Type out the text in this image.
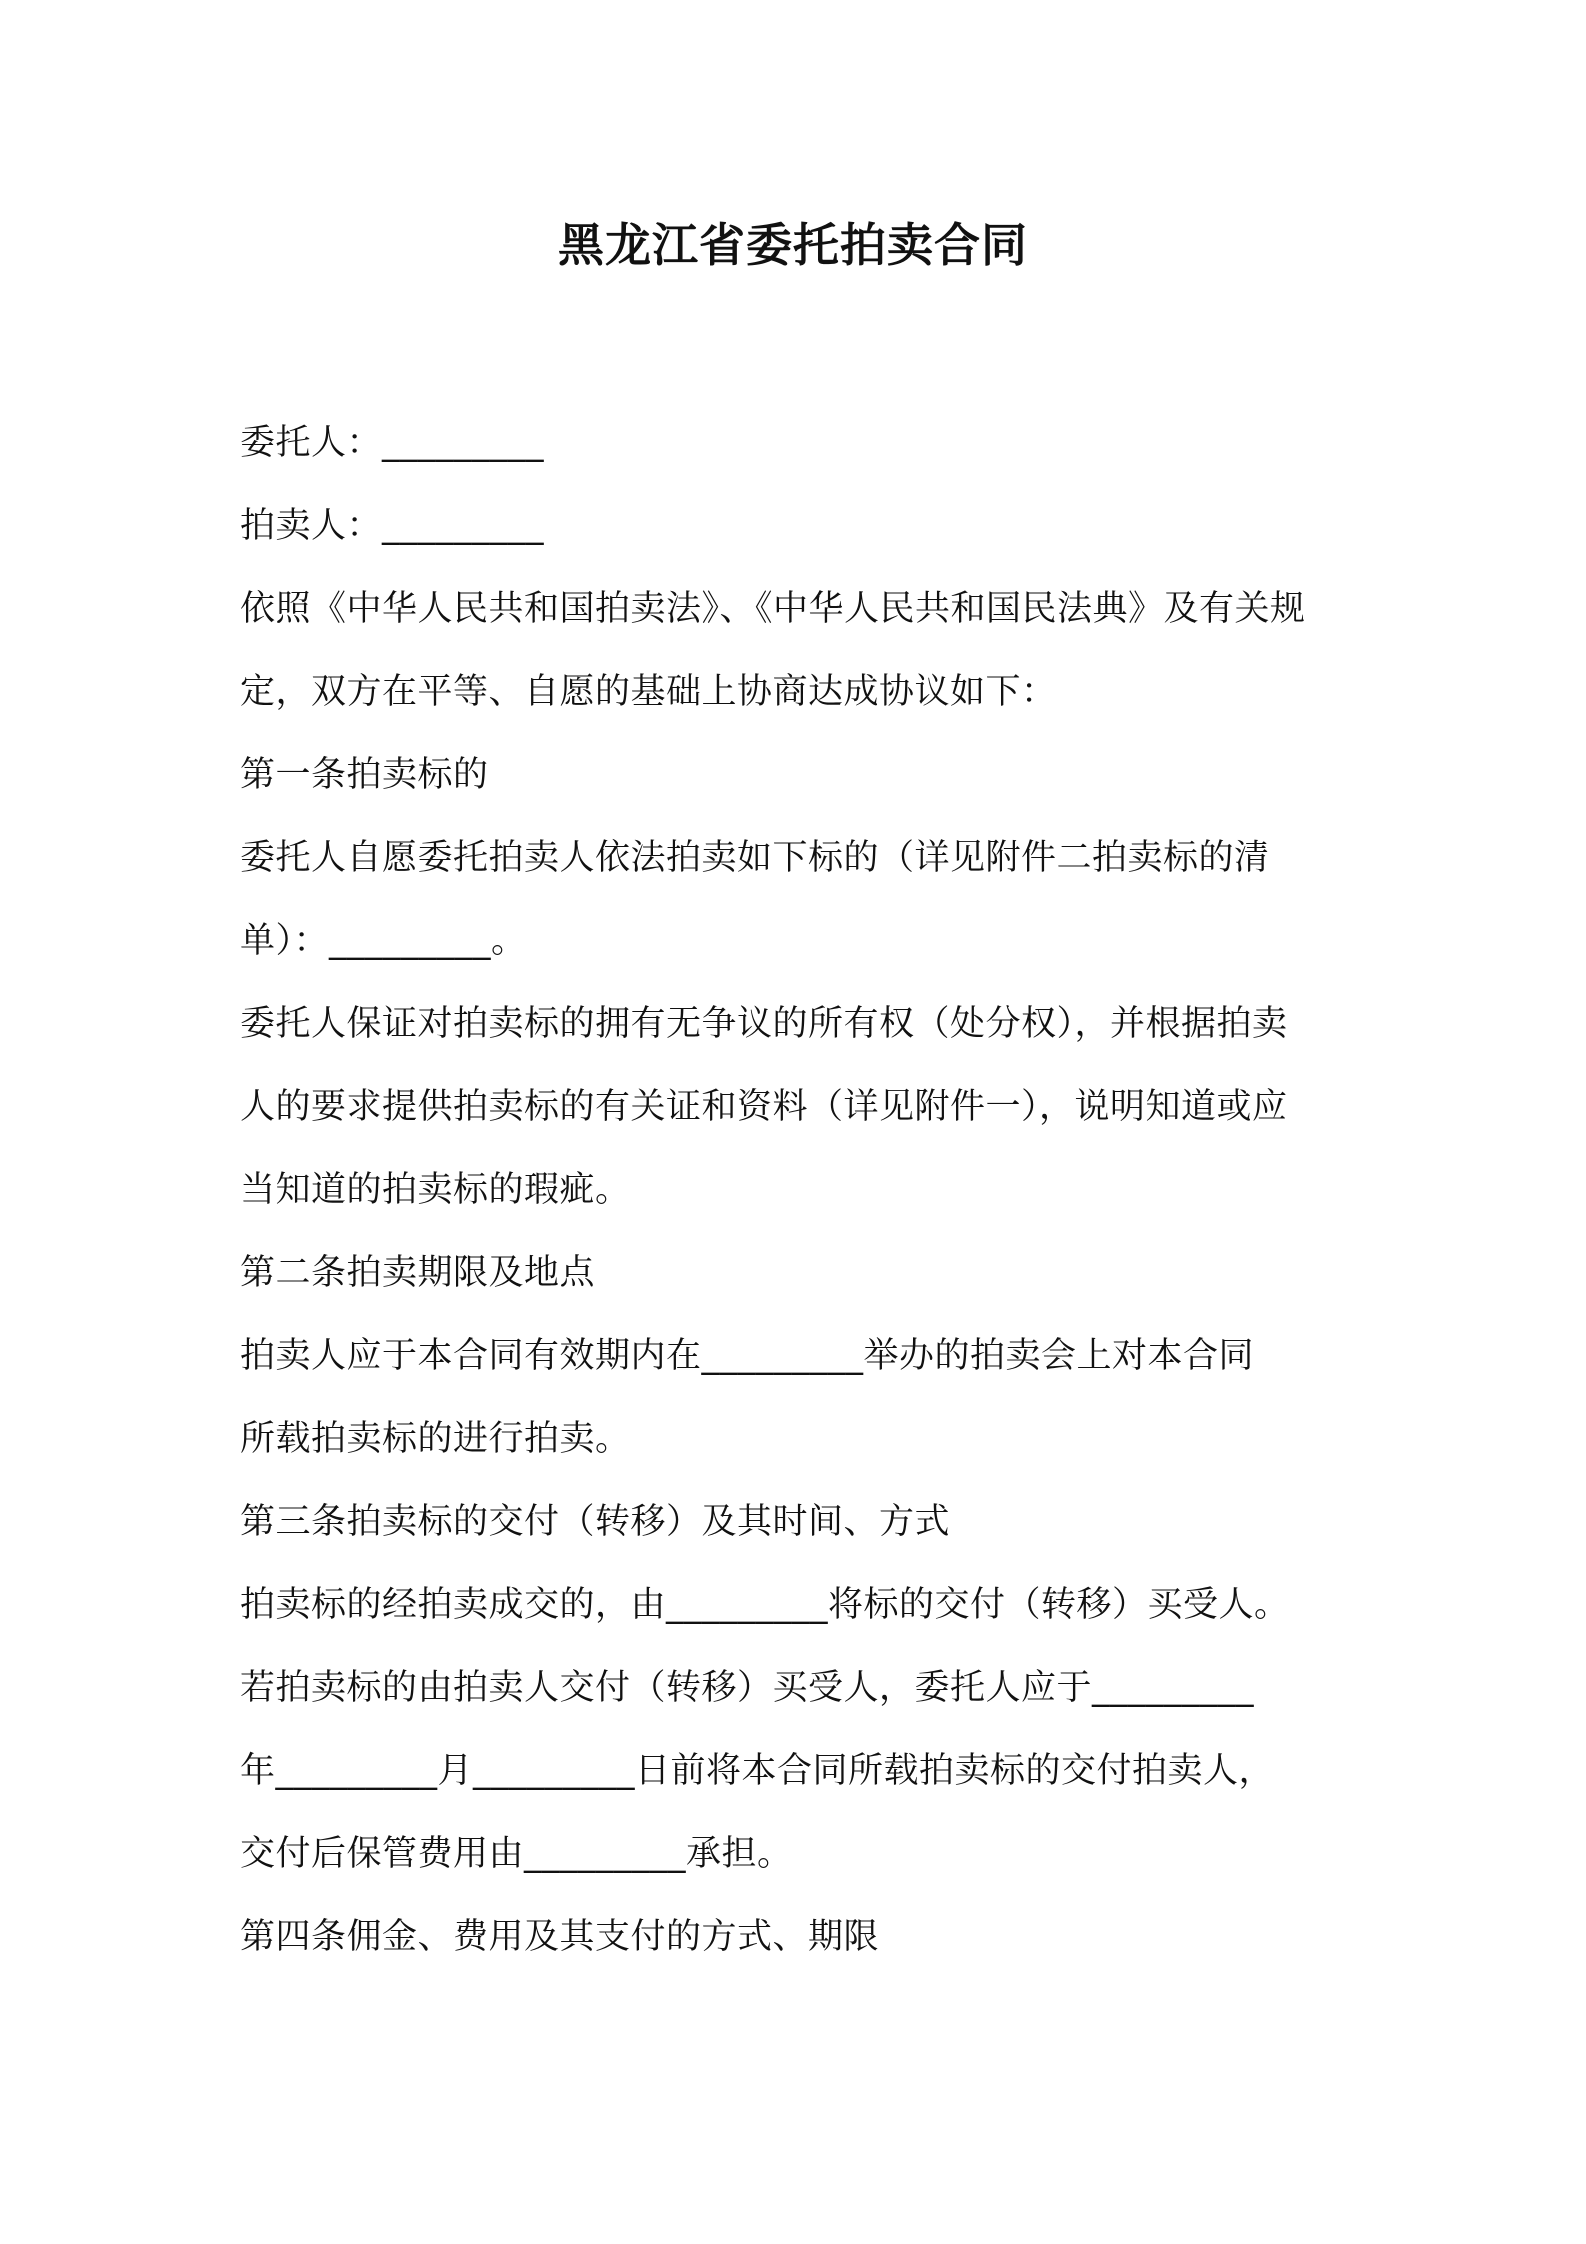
黑龙江省委托拍卖合同
委托人：_________
拍卖人：_________
依照《中华人民共和国拍卖法》、《中华人民共和国民法典》及有关规
定，双方在平等、自愿的基础上协商达成协议如下：
第一条拍卖标的
委托人自愿委托拍卖人依法拍卖如下标的（详见附件二拍卖标的清
单）：_________。
委托人保证对拍卖标的拥有无争议的所有权（处分权），并根据拍卖
人的要求提供拍卖标的有关证和资料（详见附件一），说明知道或应
当知道的拍卖标的瑕疵。
第二条拍卖期限及地点
拍卖人应于本合同有效期内在_________举办的拍卖会上对本合同
所载拍卖标的进行拍卖。
第三条拍卖标的交付（转移）及其时间、方式
拍卖标的经拍卖成交的，由_________将标的交付（转移）买受人。
若拍卖标的由拍卖人交付（转移）买受人，委托人应于_________
年_________月_________日前将本合同所载拍卖标的交付拍卖人，
交付后保管费用由_________承担。
第四条佣金、费用及其支付的方式、期限
